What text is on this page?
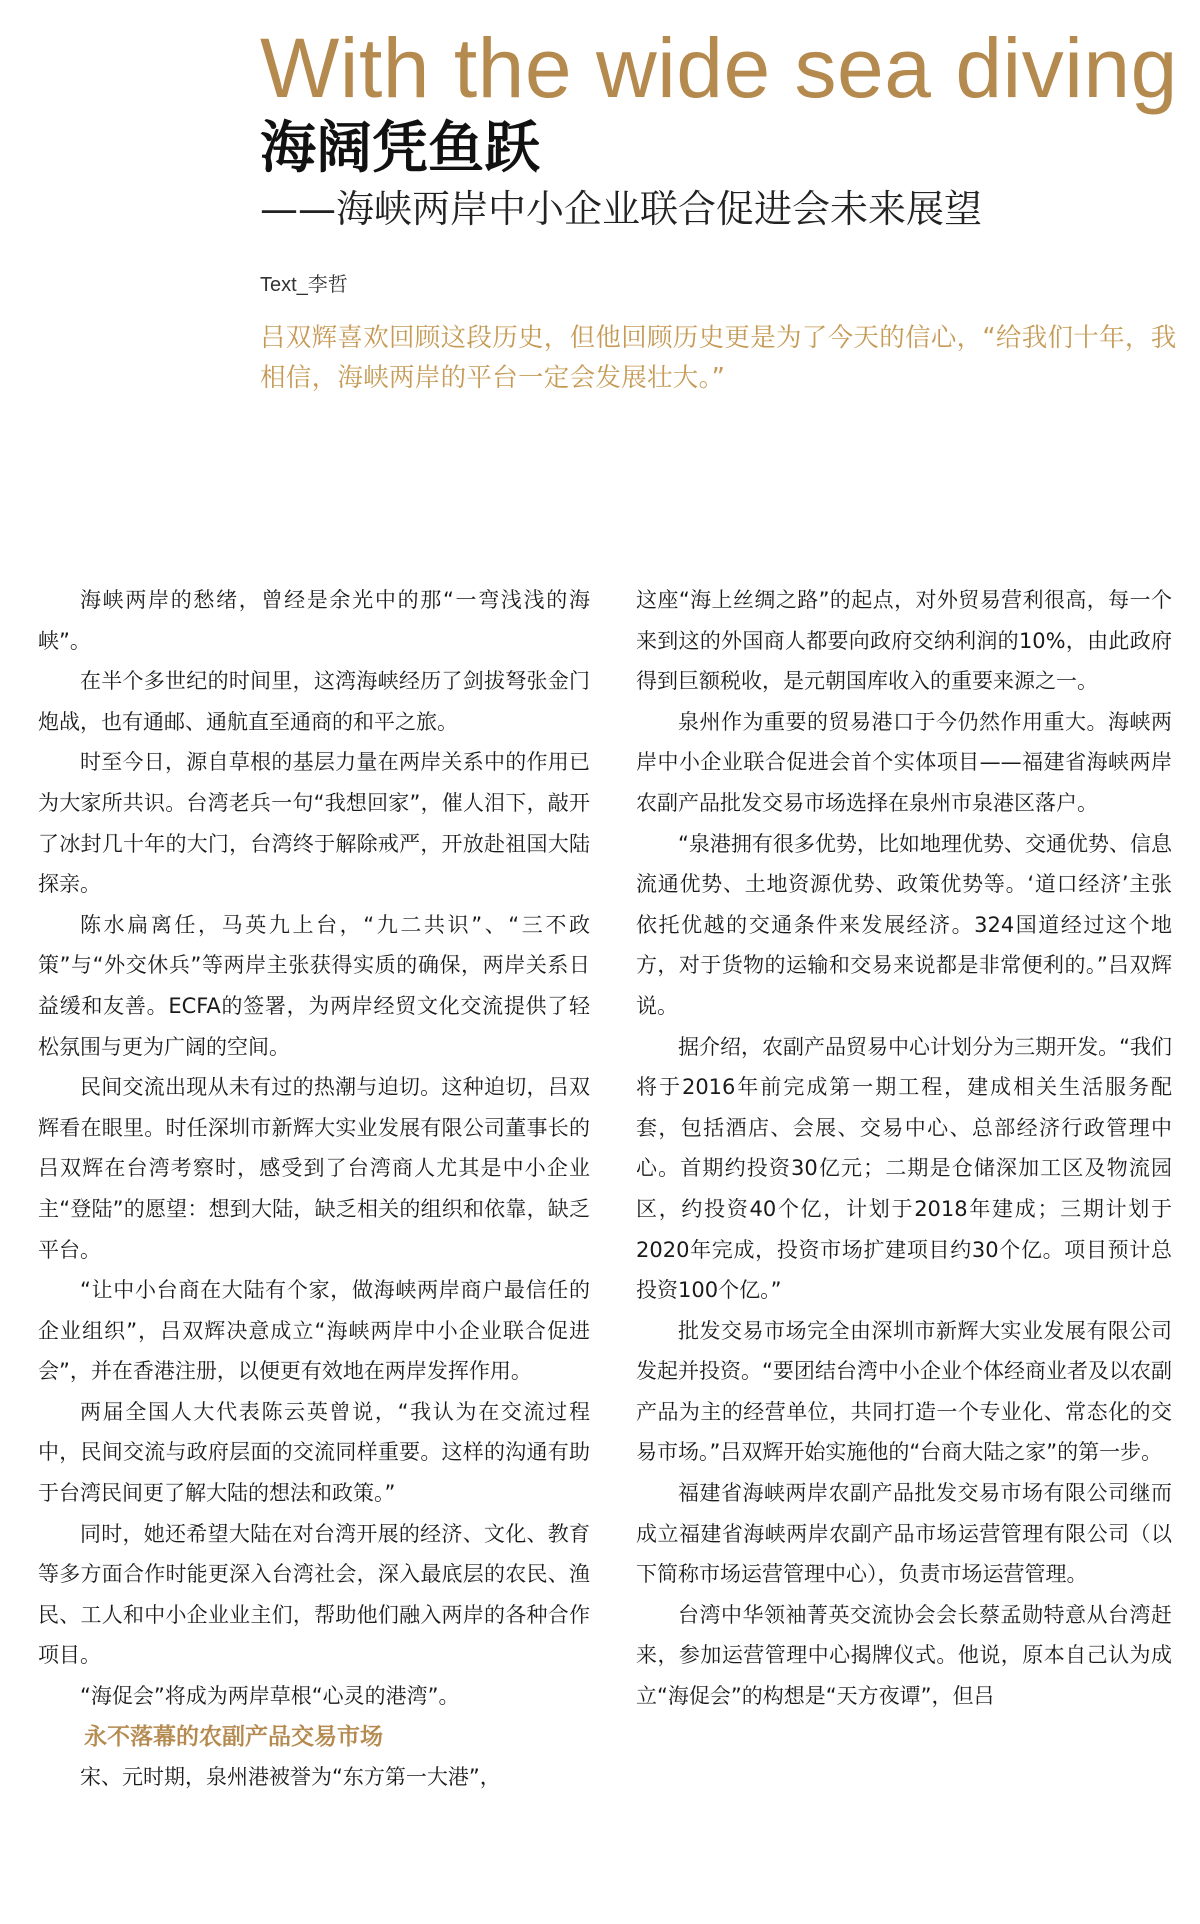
With the wide sea diving
海阔凭鱼跃
——海峡两岸中小企业联合促进会未来展望
Text_李哲
吕双辉喜欢回顾这段历史，但他回顾历史更是为了今天的信心，“给我们十年，我相信，海峡两岸的平台一定会发展壮大。”

海峡两岸的愁绪，曾经是余光中的那“一弯浅浅的海峡”。

在半个多世纪的时间里，这湾海峡经历了剑拔弩张金门炮战，也有通邮、通航直至通商的和平之旅。

时至今日，源自草根的基层力量在两岸关系中的作用已为大家所共识。台湾老兵一句“我想回家”，催人泪下，敲开了冰封几十年的大门，台湾终于解除戒严，开放赴祖国大陆探亲。

陈水扁离任，马英九上台，“九二共识”、“三不政策”与“外交休兵”等两岸主张获得实质的确保，两岸关系日益缓和友善。ECFA的签署，为两岸经贸文化交流提供了轻松氛围与更为广阔的空间。

民间交流出现从未有过的热潮与迫切。这种迫切，吕双辉看在眼里。时任深圳市新辉大实业发展有限公司董事长的吕双辉在台湾考察时，感受到了台湾商人尤其是中小企业主“登陆”的愿望：想到大陆，缺乏相关的组织和依靠，缺乏平台。

“让中小台商在大陆有个家，做海峡两岸商户最信任的企业组织”，吕双辉决意成立“海峡两岸中小企业联合促进会”，并在香港注册，以便更有效地在两岸发挥作用。

两届全国人大代表陈云英曾说，“我认为在交流过程中，民间交流与政府层面的交流同样重要。这样的沟通有助于台湾民间更了解大陆的想法和政策。”

同时，她还希望大陆在对台湾开展的经济、文化、教育等多方面合作时能更深入台湾社会，深入最底层的农民、渔民、工人和中小企业业主们，帮助他们融入两岸的各种合作项目。

“海促会”将成为两岸草根“心灵的港湾”。

永不落幕的农副产品交易市场

宋、元时期，泉州港被誉为“东方第一大港”，

这座“海上丝绸之路”的起点，对外贸易营利很高，每一个来到这的外国商人都要向政府交纳利润的10%，由此政府得到巨额税收，是元朝国库收入的重要来源之一。

泉州作为重要的贸易港口于今仍然作用重大。海峡两岸中小企业联合促进会首个实体项目——福建省海峡两岸农副产品批发交易市场选择在泉州市泉港区落户。

“泉港拥有很多优势，比如地理优势、交通优势、信息流通优势、土地资源优势、政策优势等。‘道口经济’主张依托优越的交通条件来发展经济。324国道经过这个地方，对于货物的运输和交易来说都是非常便利的。”吕双辉说。

据介绍，农副产品贸易中心计划分为三期开发。“我们将于2016年前完成第一期工程，建成相关生活服务配套，包括酒店、会展、交易中心、总部经济行政管理中心。首期约投资30亿元；二期是仓储深加工区及物流园区，约投资40个亿，计划于2018年建成；三期计划于2020年完成，投资市场扩建项目约30个亿。项目预计总投资100个亿。”

批发交易市场完全由深圳市新辉大实业发展有限公司发起并投资。“要团结台湾中小企业个体经商业者及以农副产品为主的经营单位，共同打造一个专业化、常态化的交易市场。”吕双辉开始实施他的“台商大陆之家”的第一步。

福建省海峡两岸农副产品批发交易市场有限公司继而成立福建省海峡两岸农副产品市场运营管理有限公司（以下简称市场运营管理中心），负责市场运营管理。

台湾中华领袖菁英交流协会会长蔡孟勋特意从台湾赶来，参加运营管理中心揭牌仪式。他说，原本自己认为成立“海促会”的构想是“天方夜谭”，但吕
